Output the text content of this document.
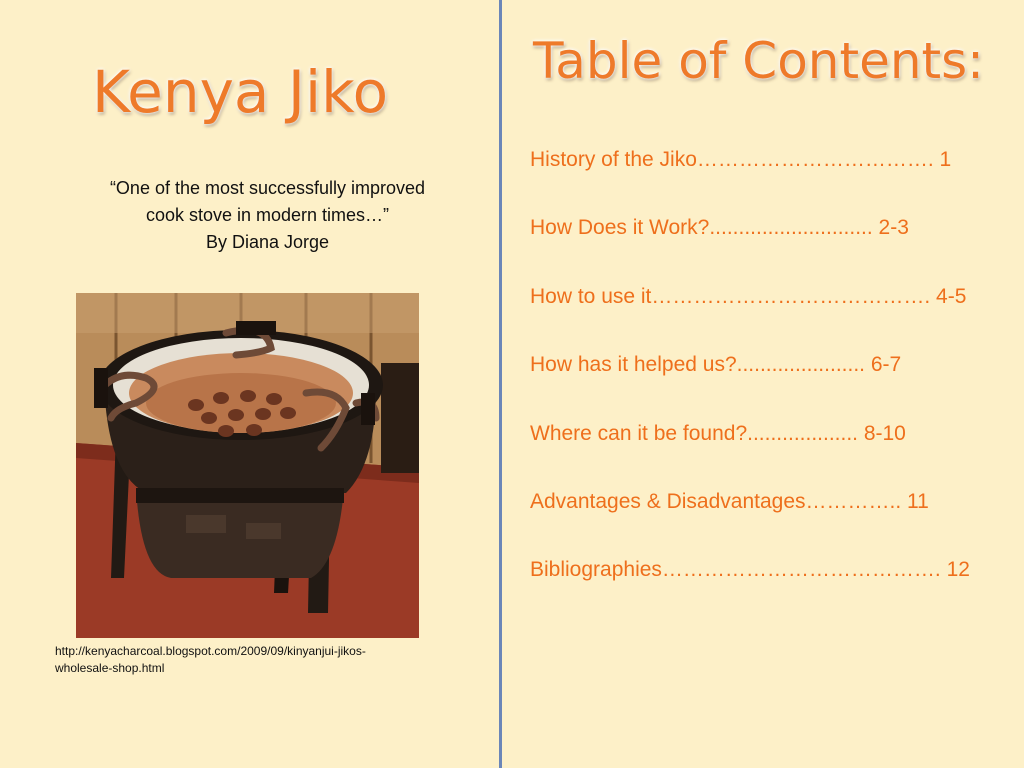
Kenya Jiko
“One of the most successfully improved
cook stove in modern times…”
By Diana Jorge
http://kenyacharcoal.blogspot.com/2009/09/kinyanjui-jikos-
wholesale-shop.html
Table of Contents:
History of the Jiko……………………………. 1
How Does it Work?............................ 2-3
How to use it…………………………………. 4-5
How has it helped us?...................... 6-7
Where can it be found?................... 8-10
Advantages & Disadvantages………….. 11
Bibliographies…………………………………. 12
